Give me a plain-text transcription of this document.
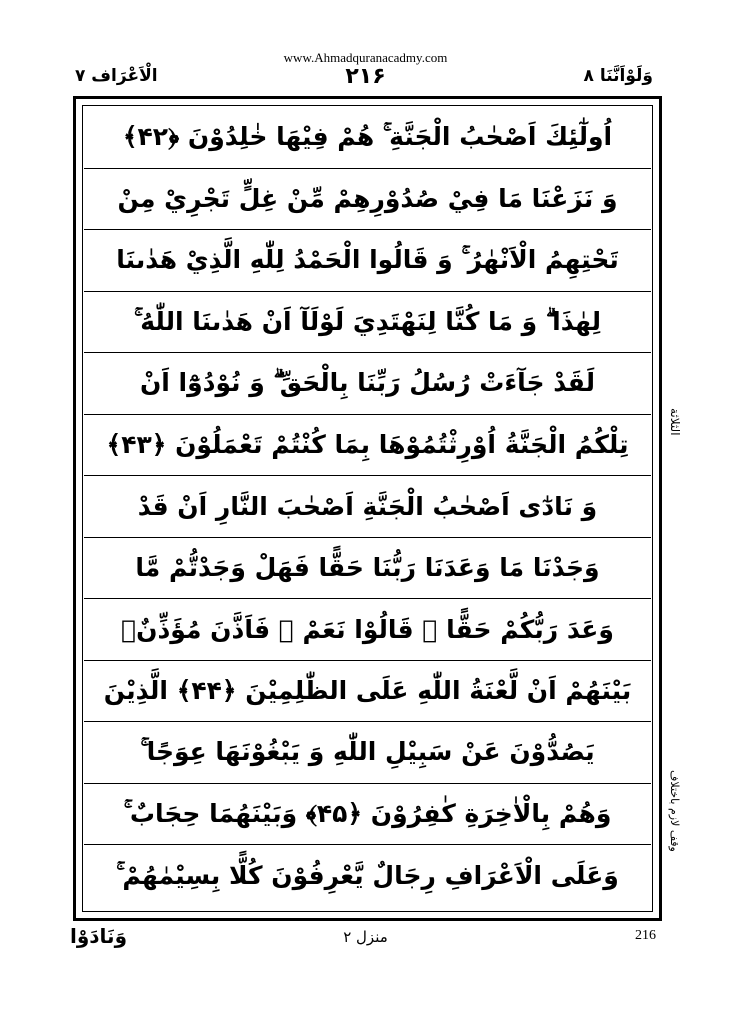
www.Ahmadquranacadmy.com
وَلَوْاَنَّنَا ۸
۲۱۶
الْاَعْرَاف ۷
اُولٰٓئِكَ اَصْحٰبُ الْجَنَّةِ ۚ هُمْ فِيْهَا خٰلِدُوْنَ ﴿۴۲﴾
وَ نَزَعْنَا مَا فِيْ صُدُوْرِهِمْ مِّنْ غِلٍّ تَجْرِيْ مِنْ
تَحْتِهِمُ الْاَنْهٰرُ ۚ وَ قَالُوا الْحَمْدُ لِلّٰهِ الَّذِيْ هَدٰىنَا
لِهٰذَا ۗ وَ مَا كُنَّا لِنَهْتَدِيَ لَوْلَآ اَنْ هَدٰىنَا اللّٰهُ ۚ
لَقَدْ جَآءَتْ رُسُلُ رَبِّنَا بِالْحَقِّ ۗ وَ نُوْدُوْٓا اَنْ
تِلْكُمُ الْجَنَّةُ اُوْرِثْتُمُوْهَا بِمَا كُنْتُمْ تَعْمَلُوْنَ ﴿۴۳﴾
وَ نَادٰٓى اَصْحٰبُ الْجَنَّةِ اَصْحٰبَ النَّارِ اَنْ قَدْ
وَجَدْنَا مَا وَعَدَنَا رَبُّنَا حَقًّا فَهَلْ وَجَدْتُّمْ مَّا
وَعَدَ رَبُّكُمْ حَقًّا ۗ قَالُوْا نَعَمْ ۚ فَاَذَّنَ مُؤَذِّنٌۢ
بَيْنَهُمْ اَنْ لَّعْنَةُ اللّٰهِ عَلَى الظّٰلِمِيْنَ ﴿۴۴﴾ الَّذِيْنَ
يَصُدُّوْنَ عَنْ سَبِيْلِ اللّٰهِ وَ يَبْغُوْنَهَا عِوَجًا ۚ
وَهُمْ بِالْاٰخِرَةِ كٰفِرُوْنَ ﴿۴۵﴾ وَبَيْنَهُمَا حِجَابٌ ۚ
وَعَلَى الْاَعْرَافِ رِجَالٌ يَّعْرِفُوْنَ كُلًّا بِسِيْمٰهُمْ ۚ
الثلاثة
وقف لازم باختلاف
وَنَادَوْا	منزل ۲	216
